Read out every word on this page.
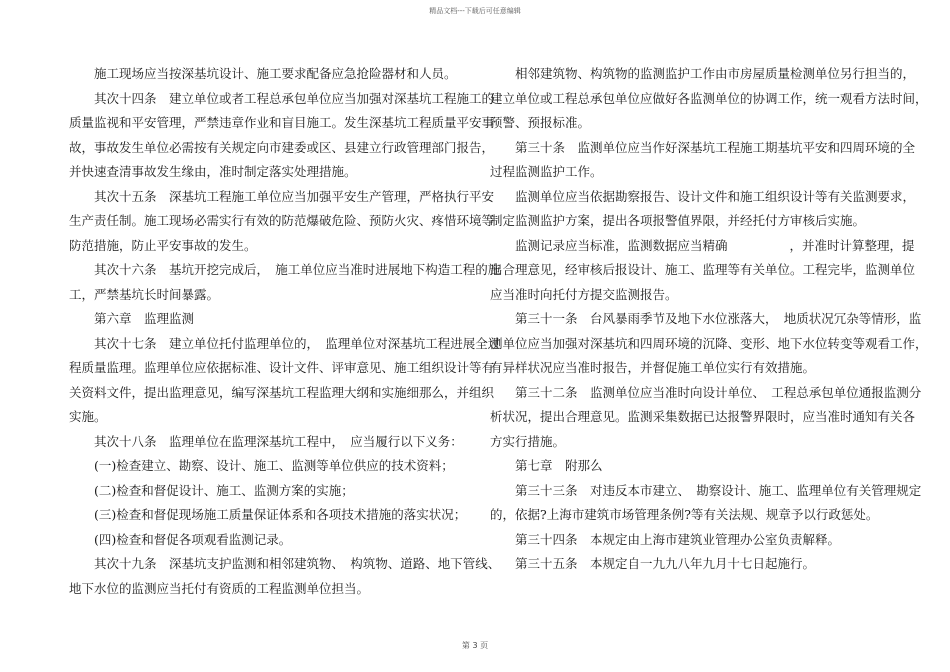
精品文档---下载后可任意编辑
施工现场应当按深基坑设计、施工要求配备应急抢险器材和人员。
其次十四条　建立单位或者工程总承包单位应当加强对深基坑工程施工的
质量监视和平安管理，严禁违章作业和盲目施工。发生深基坑工程质量平安事
故，事故发生单位必需按有关规定向市建委或区、县建立行政管理部门报告，
并快速查清事故发生缘由，准时制定落实处理措施。
其次十五条　深基坑工程施工单位应当加强平安生产管理，严格执行平安
生产责任制。施工现场必需实行有效的防范爆破危险、预防火灾、疼惜环境等
防范措施，防止平安事故的发生。
其次十六条　基坑开挖完成后，　施工单位应当准时进展地下构造工程的施
工，严禁基坑长时间暴露。
第六章　监理监测
其次十七条　建立单位托付监理单位的，　监理单位对深基坑工程进展全过
程质量监理。监理单位应依据标准、设计文件、评审意见、施工组织设计等有
关资料文件，提出监理意见，编写深基坑工程监理大纲和实施细那么，并组织
实施。
其次十八条　监理单位在监理深基坑工程中，　应当履行以下义务：
(一)检查建立、勘察、设计、施工、监测等单位供应的技术资料；
(二)检查和督促设计、施工、监测方案的实施；
(三)检查和督促现场施工质量保证体系和各项技术措施的落实状况；
(四)检查和督促各项观看监测记录。
其次十九条　深基坑支护监测和相邻建筑物、　构筑物、道路、地下管线、
地下水位的监测应当托付有资质的工程监测单位担当。
相邻建筑物、构筑物的监测监护工作由市房屋质量检测单位另行担当的，
建立单位或工程总承包单位应做好各监测单位的协调工作，统一观看方法时间，
预警、预报标准。
第三十条　监测单位应当作好深基坑工程施工期基坑平安和四周环境的全
过程监测监护工作。
监测单位应当依据勘察报告、设计文件和施工组织设计等有关监测要求，
制定监测监护方案，提出各项报警值界限，并经托付方审核后实施。
监测记录应当标准，监测数据应当精确	，并准时计算整理，提
出合理意见，经审核后报设计、施工、监理等有关单位。工程完毕，监测单位
应当准时向托付方提交监测报告。
第三十一条　台风暴雨季节及地下水位涨落大，　地质状况冗杂等情形，监
测单位应当加强对深基坑和四周环境的沉降、变形、地下水位转变等观看工作，
有异样状况应当准时报告，并督促施工单位实行有效措施。
第三十二条　监测单位应当准时向设计单位、　工程总承包单位通报监测分
析状况，提出合理意见。监测采集数据已达报警界限时，应当准时通知有关各
方实行措施。
第七章　附那么
第三十三条　对违反本市建立、　勘察设计、施工、监理单位有关管理规定
的，依据?上海市建筑市场管理条例?等有关法规、规章予以行政惩处。
第三十四条　本规定由上海市建筑业管理办公室负责解释。
第三十五条　本规定自一九九八年九月十七日起施行。
第 3 页
